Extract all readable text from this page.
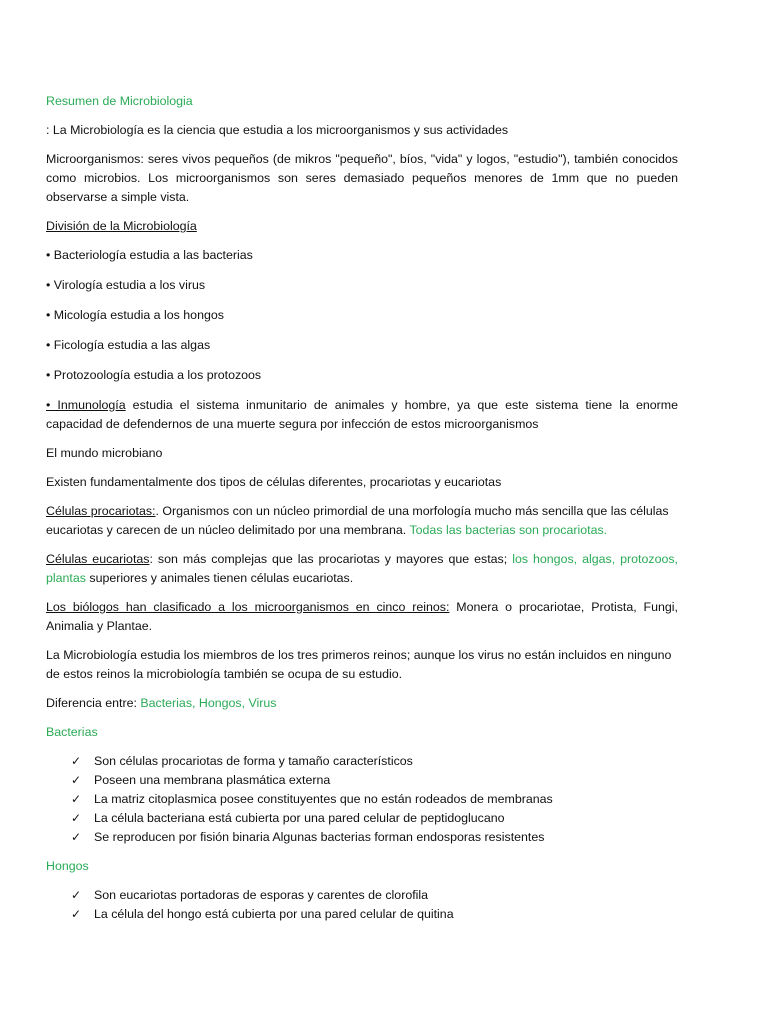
Resumen de Microbiologia

: La Microbiología es la ciencia que estudia a los microorganismos y sus actividades

Microorganismos: seres vivos pequeños (de mikros "pequeño", bíos, "vida" y logos, "estudio"), también conocidos como microbios. Los microorganismos son seres demasiado pequeños menores de 1mm que no pueden observarse a simple vista.

División de la Microbiología

• Bacteriología estudia a las bacterias

• Virología estudia a los virus

• Micología estudia a los hongos

• Ficología estudia a las algas

• Protozoología estudia a los protozoos

• Inmunología estudia el sistema inmunitario de animales y hombre, ya que este sistema tiene la enorme capacidad de defendernos de una muerte segura por infección de estos microorganismos

El mundo microbiano

Existen fundamentalmente dos tipos de células diferentes, procariotas y eucariotas

Células procariotas:. Organismos con un núcleo primordial de una morfología mucho más sencilla que las células eucariotas y carecen de un núcleo delimitado por una membrana. Todas las bacterias son procariotas.

Células eucariotas: son más complejas que las procariotas y mayores que estas; los hongos, algas, protozoos, plantas superiores y animales tienen células eucariotas.

Los biólogos han clasificado a los microorganismos en cinco reinos: Monera o procariotae, Protista, Fungi, Animalia y Plantae.

La Microbiología estudia los miembros de los tres primeros reinos; aunque los virus no están incluidos en ninguno de estos reinos la microbiología también se ocupa de su estudio.

Diferencia entre: Bacterias, Hongos, Virus

Bacterias

✓	Son células procariotas de forma y tamaño característicos
✓	Poseen una membrana plasmática externa
✓	La matriz citoplasmica posee constituyentes que no están rodeados de membranas
✓	La célula bacteriana está cubierta por una pared celular de peptidoglucano
✓	Se reproducen por fisión binaria Algunas bacterias forman endosporas resistentes

Hongos

✓	Son eucariotas portadoras de esporas y carentes de clorofila
✓	La célula del hongo está cubierta por una pared celular de quitina
